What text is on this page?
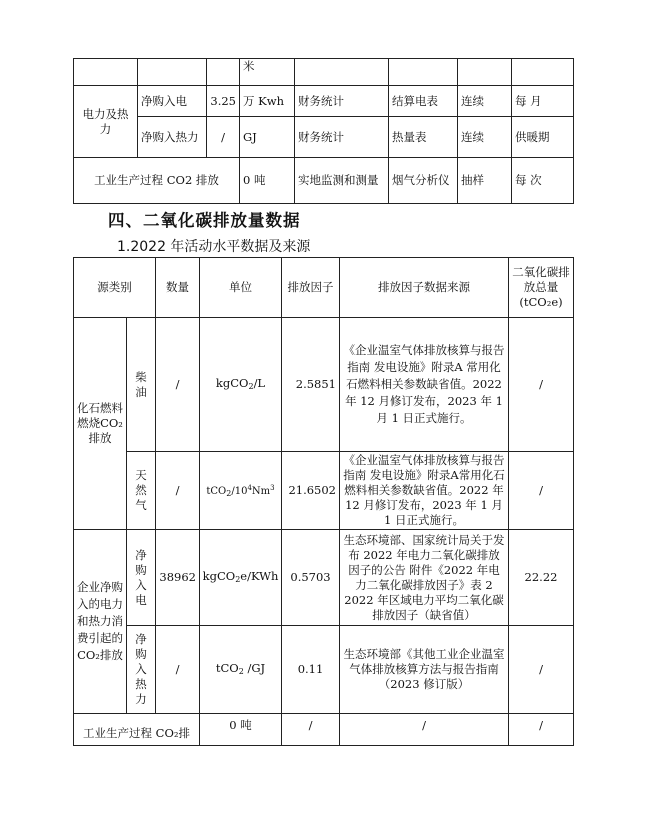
			米				
电力及热力	净购入电	3.25	万 Kwh	财务统计	结算电表	连续	每 月
	净购入热力	/	GJ	财务统计	热量表	连续	供暖期
工业生产过程 CO2 排放			0 吨	实地监测和测量	烟气分析仪	抽样	每 次
四、二氧化碳排放量数据
1.2022 年活动水平数据及来源
源类别		数量	单位	排放因子	排放因子数据来源	二氧化碳排放总量(tCO₂e)
化石燃料燃烧CO₂排放	柴油	/	kgCO$_2$/L	2.5851	《企业温室气体排放核算与报告指南 发电设施》附录A 常用化石燃料相关参数缺省值。2022 年 12 月修订发布，2023 年 1 月 1 日正式施行。	/
	天然气	/	$tCO_2/10^4Nm^3$	21.6502	《企业温室气体排放核算与报告指南 发电设施》附录A常用化石燃料相关参数缺省值。2022 年 12 月修订发布，2023 年 1 月 1 日正式施行。	/
企业净购入的电力和热力消费引起的CO₂排放	净购入电	38962	kgCO$_2$e/KWh	0.5703	生态环境部、国家统计局关于发布 2022 年电力二氧化碳排放因子的公告 附件《2022 年电力二氧化碳排放因子》表 2 2022 年区域电力平均二氧化碳排放因子（缺省值）	22.22
	净购入热力	/	tCO$_2$ /GJ	0.11	生态环境部《其他工业企业温室气体排放核算方法与报告指南（2023 修订版）	/
工业生产过程 CO₂排			0 吨	/	/	/
